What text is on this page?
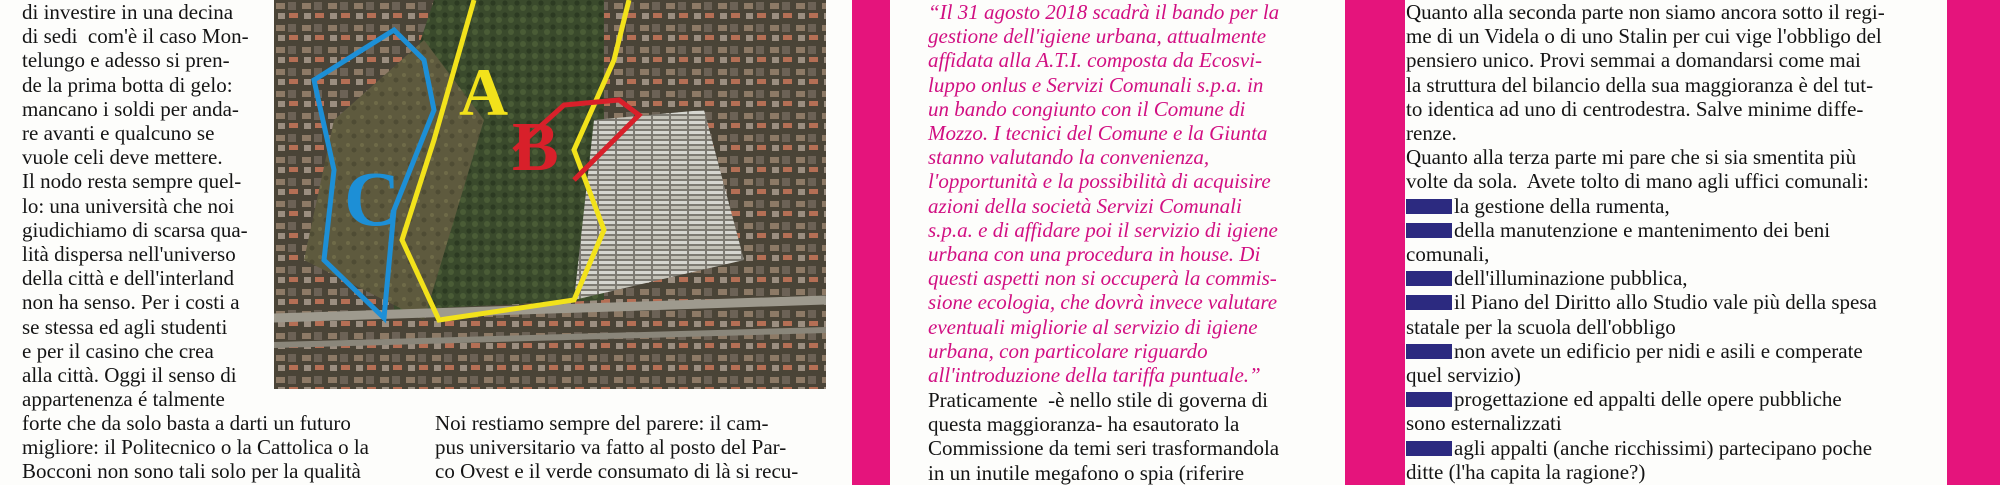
di investire in una decina

di sedi  com'è il caso Mon-

telungo e adesso si pren-

de la prima botta di gelo:

mancano i soldi per anda-

re avanti e qualcuno se

vuole celi deve mettere.

Il nodo resta sempre quel-

lo: una università che noi

giudichiamo di scarsa qua-

lità dispersa nell'universo

della città e dell'interland

non ha senso. Per i costi a

se stessa ed agli studenti

e per il casino che crea

alla città. Oggi il senso di

appartenenza é talmente

forte che da solo basta a darti un futuro

migliore: il Politecnico o la Cattolica o la

Bocconi non sono tali solo per la qualità

A
B
C

Noi restiamo sempre del parere: il cam-

pus universitario va fatto al posto del Par-

co Ovest e il verde consumato di là si recu-

“Il 31 agosto 2018 scadrà il bando per la

gestione dell'igiene urbana, attualmente

affidata alla A.T.I. composta da Ecosvi-

luppo onlus e Servizi Comunali s.p.a. in

un bando congiunto con il Comune di

Mozzo. I tecnici del Comune e la Giunta

stanno valutando la convenienza,

l'opportunità e la possibilità di acquisire

azioni della società Servizi Comunali

s.p.a. e di affidare poi il servizio di igiene

urbana con una procedura in house. Di

questi aspetti non si occuperà la commis-

sione ecologia, che dovrà invece valutare

eventuali migliorie al servizio di igiene

urbana, con particolare riguardo

all'introduzione della tariffa puntuale.”

Praticamente  -è nello stile di governa di

questa maggioranza- ha esautorato la

Commissione da temi seri trasformandola

in un inutile megafono o spia (riferire

Quanto alla seconda parte non siamo ancora sotto il regi-

me di un Videla o di uno Stalin per cui vige l'obbligo del

pensiero unico. Provi semmai a domandarsi come mai

la struttura del bilancio della sua maggioranza è del tut-

to identica ad uno di centrodestra. Salve minime diffe-

renze.

Quanto alla terza parte mi pare che si sia smentita più

volte da sola.  Avete tolto di mano agli uffici comunali:

la gestione della rumenta,

della manutenzione e mantenimento dei beni

comunali,

dell'illuminazione pubblica,

il Piano del Diritto allo Studio vale più della spesa

statale per la scuola dell'obbligo

non avete un edificio per nidi e asili e comperate

quel servizio)

progettazione ed appalti delle opere pubbliche

sono esternalizzati

agli appalti (anche ricchissimi) partecipano poche

ditte (l'ha capita la ragione?)
